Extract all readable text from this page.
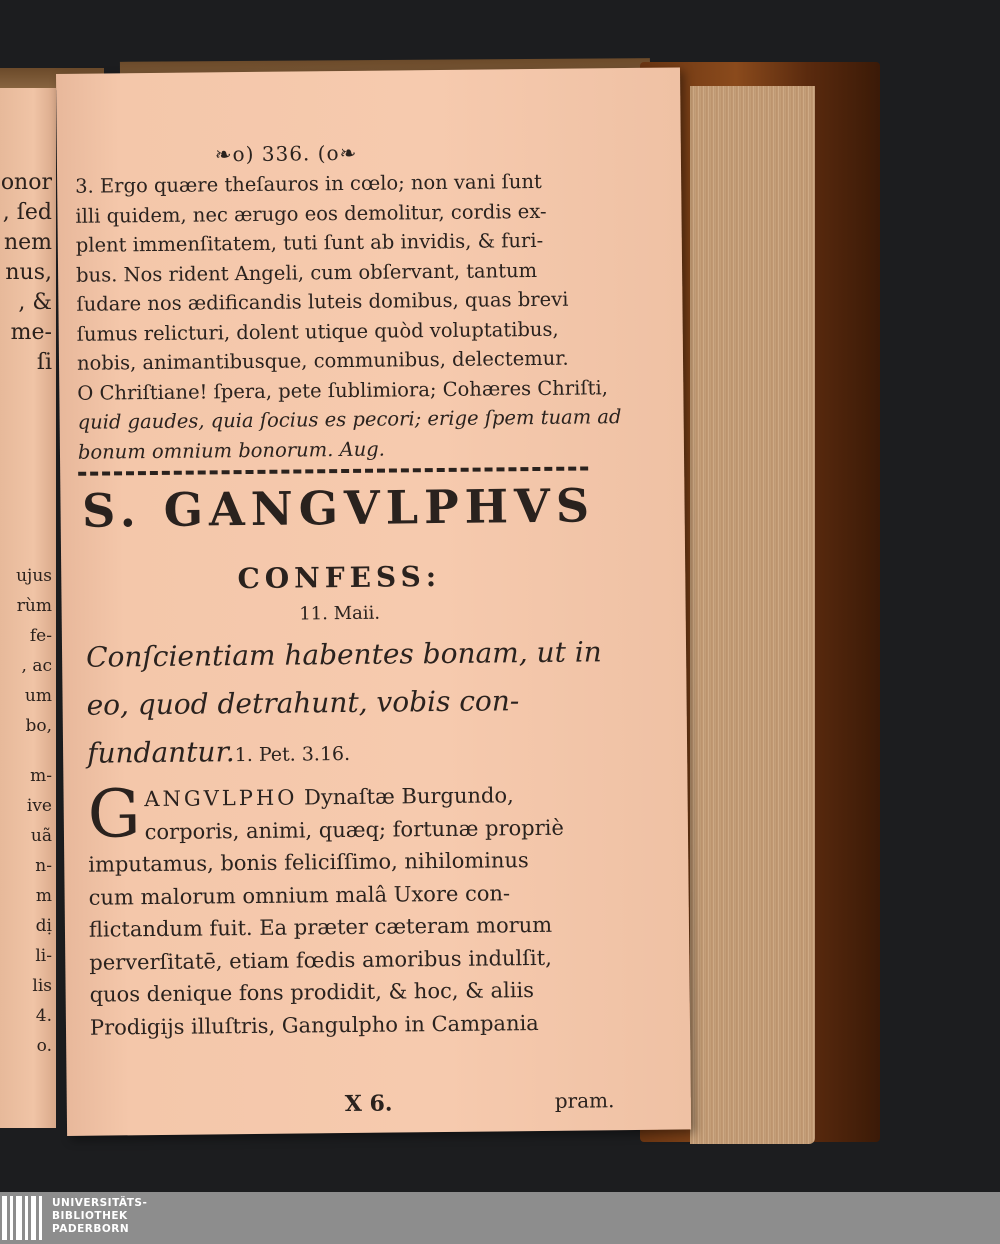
onor
, ſed
nem
nus,
, &
me-
ſi
ujus
rùm
fe-
, ac
um
bo,
m-
ive
uã
n-
m
dị
li-
lis
4.
o.
❧o) 336. (o❧
3. Ergo quære theſauros in cœlo; non vani ſunt
illi quidem, nec ærugo eos demolitur, cordis ex-
plent immenſitatem, tuti ſunt ab invidis, & furi-
bus. Nos rident Angeli, cum obſervant, tantum
ſudare nos ædificandis luteis domibus, quas brevi
ſumus relicturi, dolent utique quòd voluptatibus,
nobis, animantibusque, communibus, delectemur.
O Chriſtiane! ſpera, pete ſublimiora; Cohæres Chriſti,
quid gaudes, quia ſocius es pecori; erige ſpem tuam ad
bonum omnium bonorum. Aug.
S. GANGVLPHVS
CONFESS:
11. Maii.
Conſcientiam habentes bonam, ut in
eo, quod detrahunt, vobis con-
fundantur.1. Pet. 3.16.
G ANGVLPHO Dynaſtæ Burgundo,
corporis, animi, quæq; fortunæ propriè
imputamus, bonis feliciſſimo, nihilominus
cum malorum omnium malâ Uxore con-
flictandum fuit. Ea præter cæteram morum
perverſitatē, etiam fœdis amoribus indulſit,
quos denique fons prodidit, & hoc, & aliis
Prodigijs illuſtris, Gangulpho in Campania
X 6.	pram.
UNIVERSITÄTS-
BIBLIOTHEK
PADERBORN
